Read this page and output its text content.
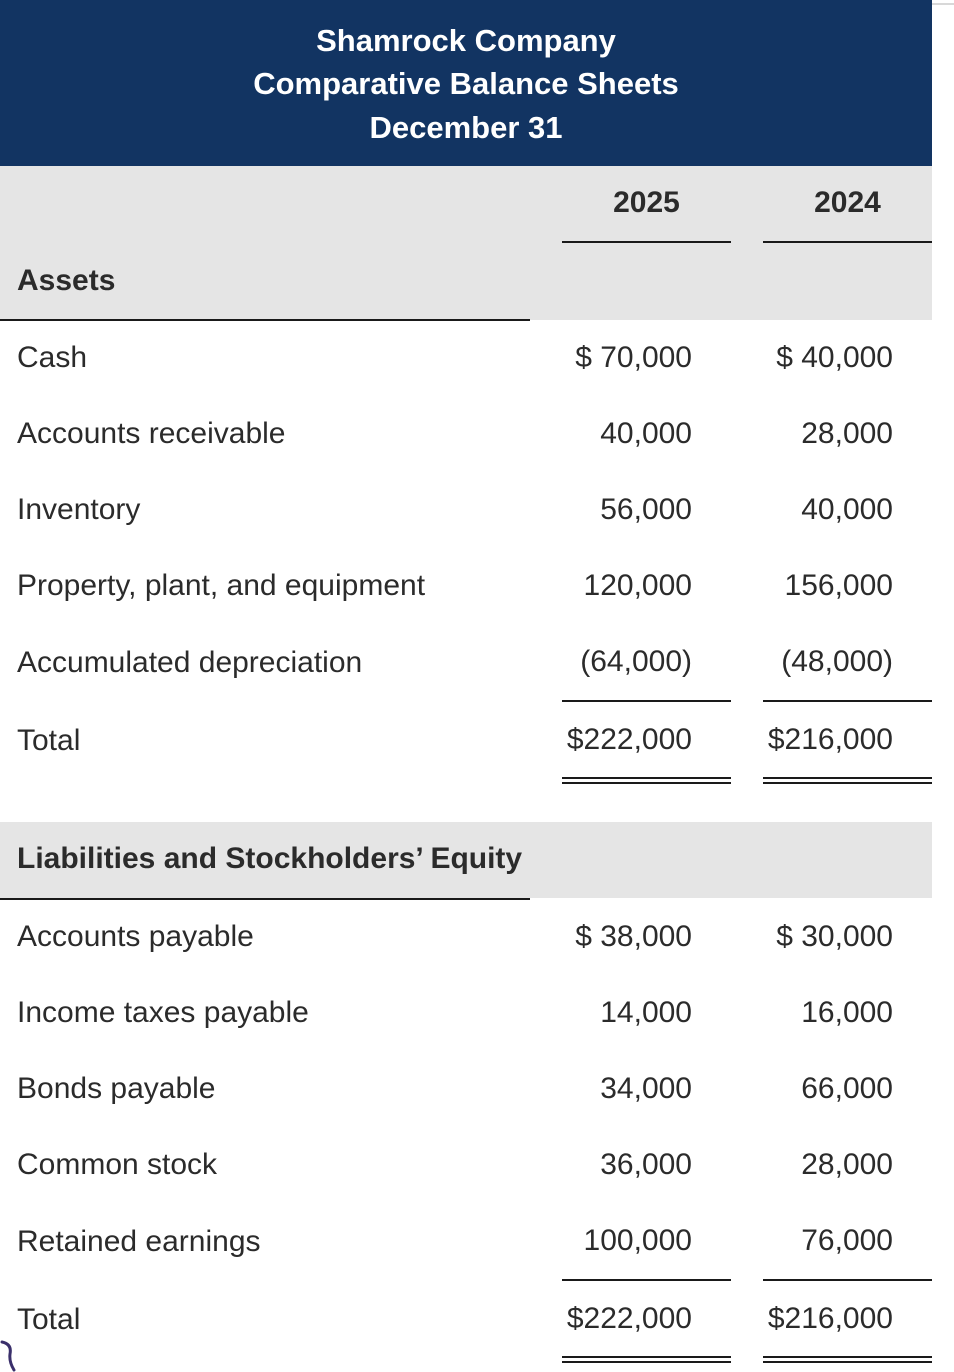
Shamrock Company
Comparative Balance Sheets
December 31
2025	2024
Assets
Cash	$ 70,000	$ 40,000
Accounts receivable	40,000	28,000
Inventory	56,000	40,000
Property, plant, and equipment	120,000	156,000
Accumulated depreciation	(64,000)	(48,000)
Total	$222,000	$216,000
Liabilities and Stockholders’ Equity
Accounts payable	$ 38,000	$ 30,000
Income taxes payable	14,000	16,000
Bonds payable	34,000	66,000
Common stock	36,000	28,000
Retained earnings	100,000	76,000
Total	$222,000	$216,000
